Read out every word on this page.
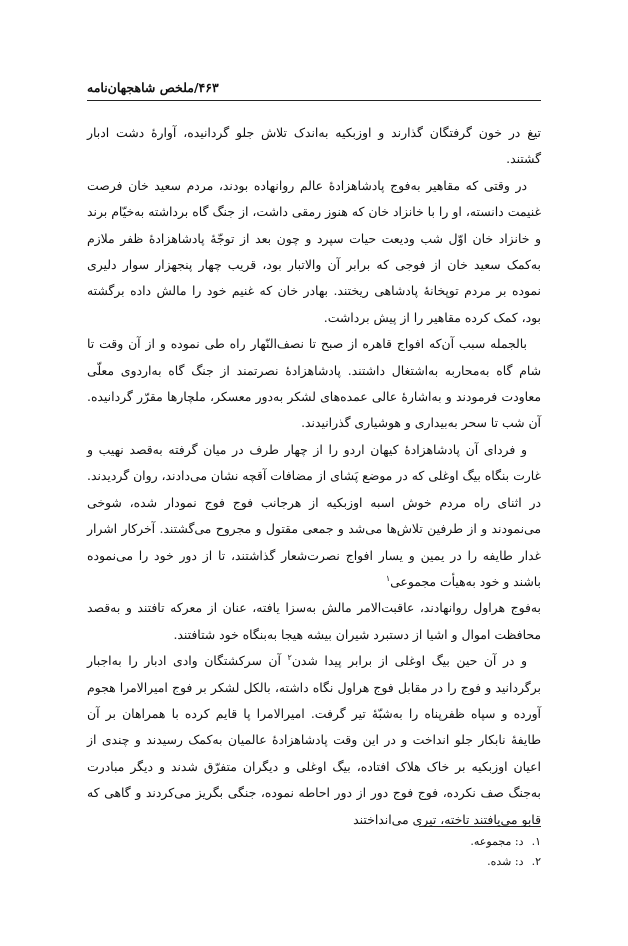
۴۶۳/ملخص شاهجهان‌نامه

تیغ در خون گرفتگان گذارند و اوزبکیه به‌اندک تلاش جلو گردانیده، آوارۀ دشت ادبار گشتند.

در وقتی که مقاهیر به‌فوج پادشاهزادۀ عالم روانهاده بودند، مردم سعید خان فرصت غنیمت دانسته، او را با خانزاد خان که هنوز رمقی داشت، از جنگ گاه برداشته به‌خیّام برند و خانزاد خان اوّل شب ودیعت حیات سپرد و چون بعد از توجّۀ پادشاهزادۀ ظفر ملازم به‌کمک سعید خان از فوجی که برابر آن والاتبار بود، قریب چهار پنجهزار سوار دلیری نموده بر مردم توپخانۀ پادشاهی ریختند. بهادر خان که غنیم خود را مالش داده برگشته بود، کمک کرده مقاهیر را از پیش برداشت.

بالجمله سبب آن‌که افواج قاهره از صبح تا نصف‌النّهار راه طی نموده و از آن وقت تا شام گاه به‌محاربه به‌اشتغال داشتند. پادشاهزادۀ نصرتمند از جنگ گاه به‌اردوی معلّی معاودت فرمودند و به‌اشارۀ عالی عمده‌های لشکر به‌دور معسکر، ملچارها مقرّر گردانیده. آن شب تا سحر به‌بیداری و هوشیاری گذرانیدند.

و فردای آن پادشاهزادۀ کیهان اردو را از چهار طرف در میان گرفته به‌قصد نهیب و غارت بنگاه بیگ اوغلی که در موضع پَشای از مضافات آقچه نشان می‌دادند، روان گردیدند. در اثنای راه مردم خوش اسبه اوزبکیه از هرجانب فوج فوج نمودار شده، شوخی می‌نمودند و از طرفین تلاش‌ها می‌شد و جمعی مقتول و مجروح می‌گشتند. آخرکار اشرار غدار طایفه را در یمین و یسار افواج نصرت‌شعار گذاشتند، تا از دور خود را می‌نموده باشند و خود به‌هیأت مجموعی$^۱$

به‌فوج هراول روانهادند، عاقبت‌الامر مالش به‌سزا یافته، عنان از معرکه تافتند و به‌قصد محافظت اموال و اشیا از دستبرد شیران بیشه هیجا به‌بنگاه خود شتافتند.

و در آن حین بیگ اوغلی از برابر پیدا شدن$^۲$ آن سرکشتگان وادی ادبار را به‌اجبار برگردانید و فوج را در مقابل فوج هراول نگاه داشته، بالکل لشکر بر فوج امیرالامرا هجوم آورده و سپاه ظفرپناه را به‌شبّۀ تیر گرفت. امیرالامرا پا قایم کرده با همراهان بر آن طایفۀ نابکار جلو انداخت و در این وقت پادشاهزادۀ عالمیان به‌کمک رسیدند و چندی از اعیان اوزبکیه بر خاک هلاک افتاده، بیگ اوغلی و دیگران متفرّق شدند و دیگر مبادرت به‌جنگ صف نکرده، فوج فوج دور از دور احاطه نموده، جنگی بگریز می‌کردند و گاهی که قابو می‌یافتند تاخته، تیری می‌انداختند

۱. د: مجموعه.
۲. د: شده.
